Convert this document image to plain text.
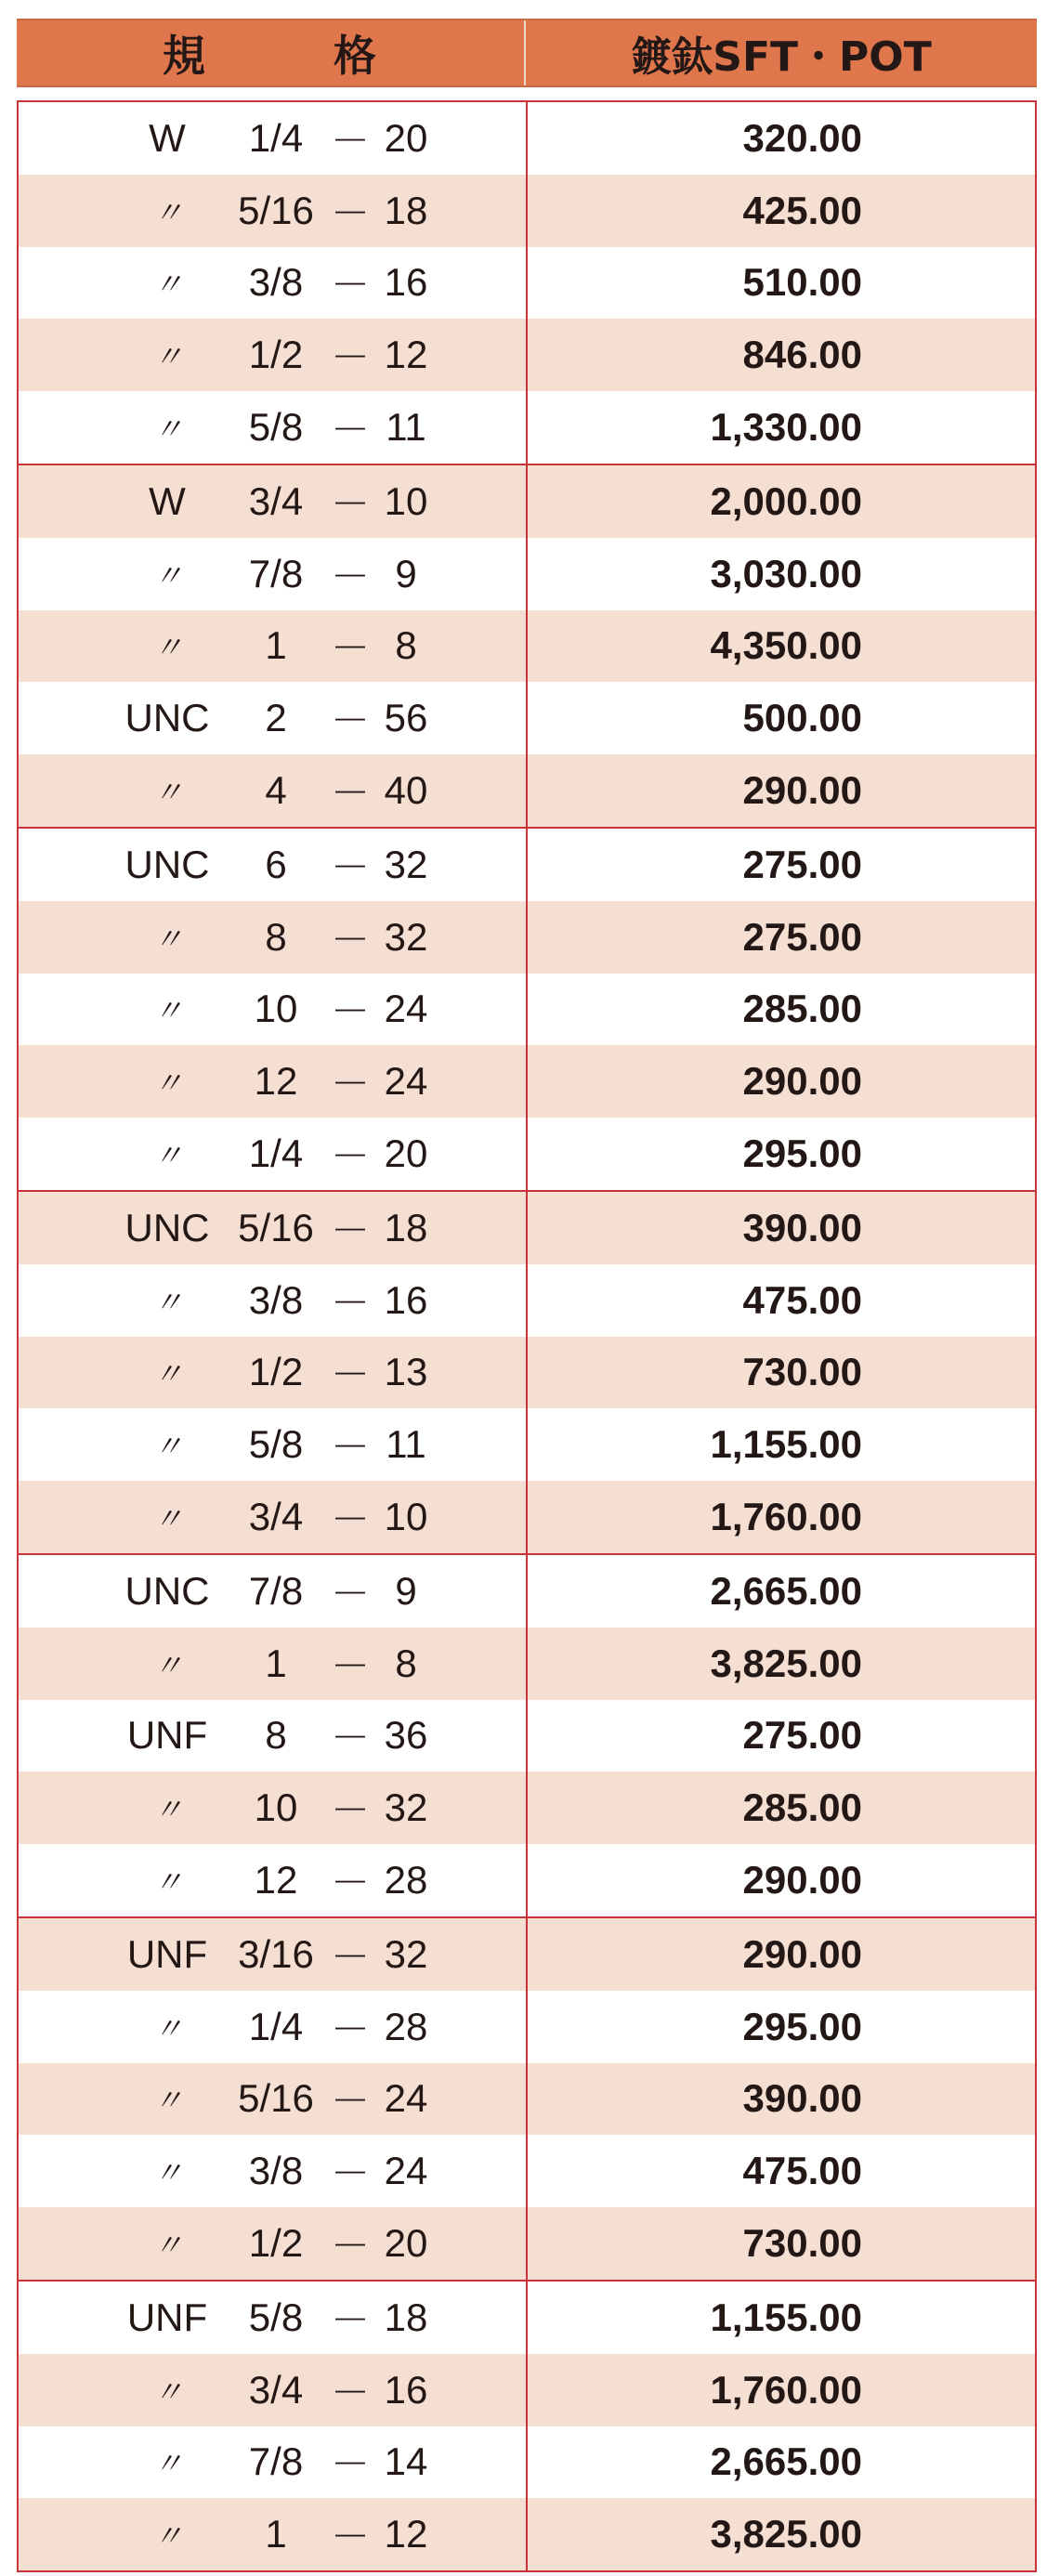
規	格	鍍鈦SFT・POT
W	1/4 － 20	320.00
〃	5/16 － 18	425.00
〃	3/8 － 16	510.00
〃	1/2 － 12	846.00
〃	5/8 － 11	1,330.00
W	3/4 － 10	2,000.00
〃	7/8 － 9	3,030.00
〃	1	－ 8	4,350.00
UNC	2	－ 56	500.00
〃	4	－ 40	290.00
UNC	6	－ 32	275.00
〃	8	－ 32	275.00
〃	10 － 24	285.00
〃	12 － 24	290.00
〃	1/4 － 20	295.00
UNC 5/16 － 18	390.00
〃	3/8 － 16	475.00
〃	1/2 － 13	730.00
〃	5/8 － 11	1,155.00
〃	3/4 － 10	1,760.00
UNC	7/8 － 9	2,665.00
〃	1	－ 8	3,825.00
UNF	8	－ 36	275.00
〃	10 － 32	285.00
〃	12 － 28	290.00
UNF 3/16 － 32	290.00
〃	1/4 － 28	295.00
〃	5/16 － 24	390.00
〃	3/8 － 24	475.00
〃	1/2 － 20	730.00
UNF	5/8 － 18	1,155.00
〃	3/4 － 16	1,760.00
〃	7/8 － 14	2,665.00
〃	1	－ 12	3,825.00
